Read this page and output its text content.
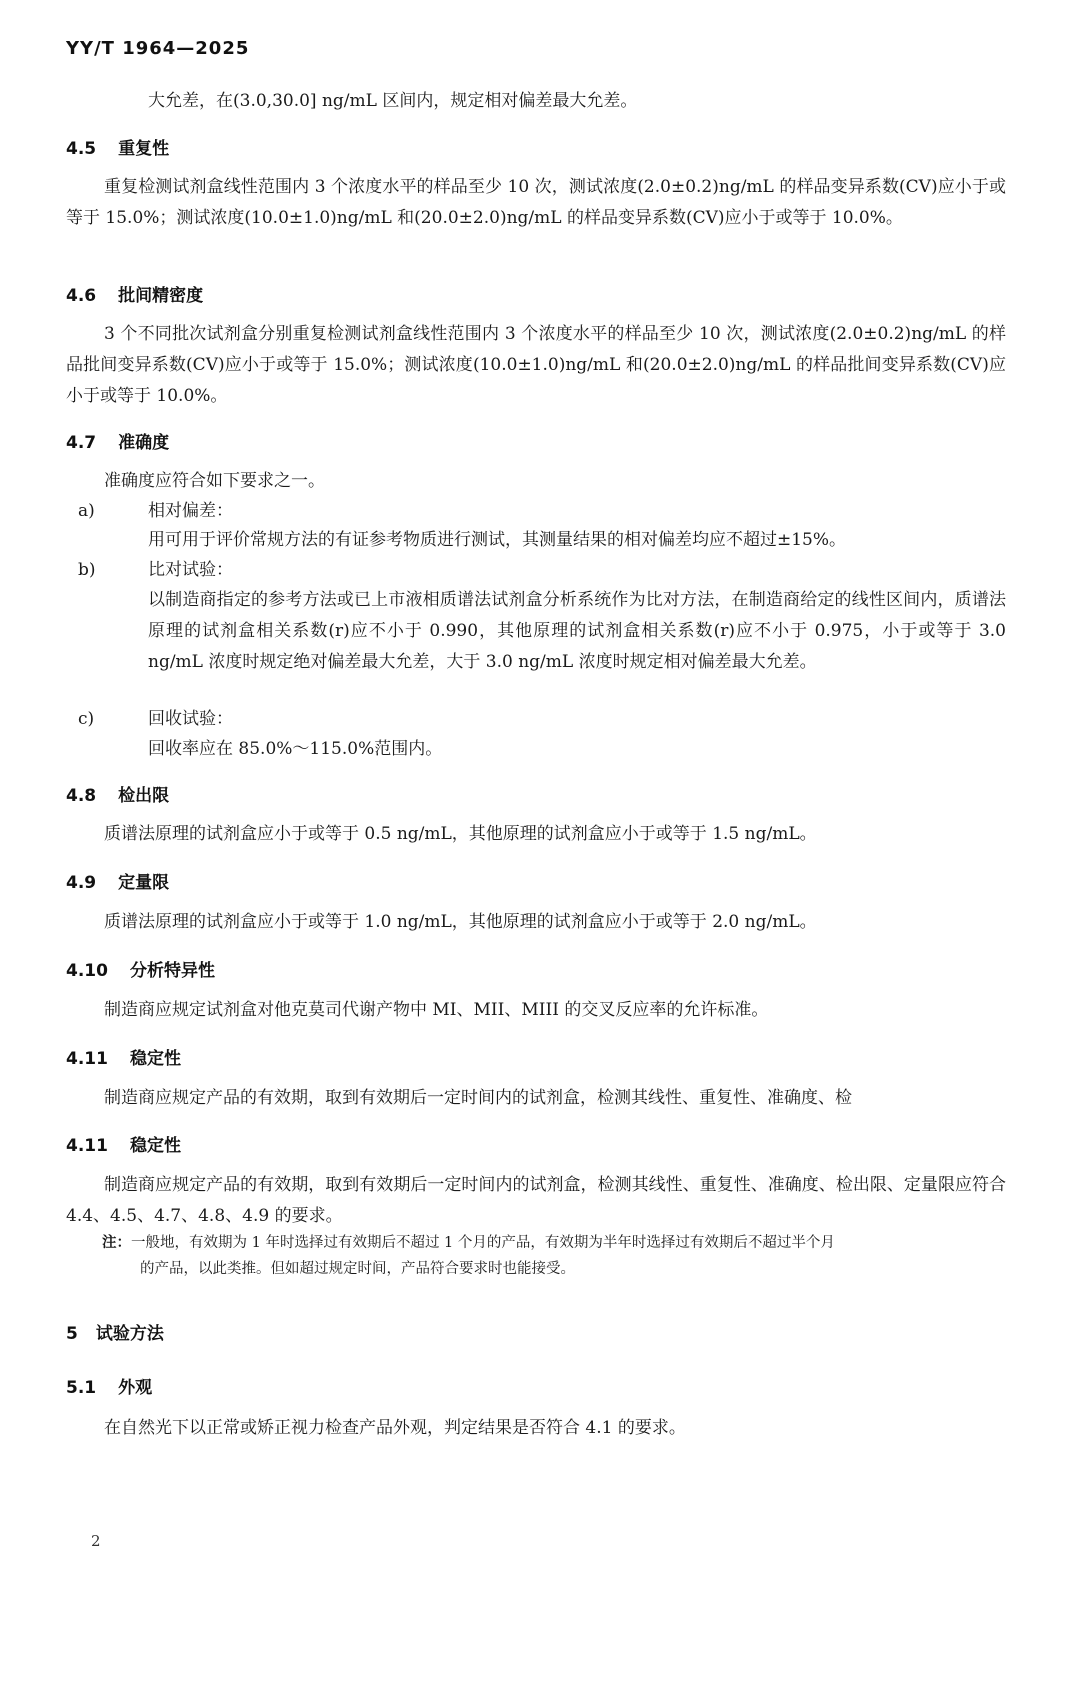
YY/T 1964—2025
大允差，在(3.0,30.0] ng/mL 区间内，规定相对偏差最大允差。
4.5 重复性
重复检测试剂盒线性范围内 3 个浓度水平的样品至少 10 次，测试浓度(2.0±0.2)ng/mL 的样品变异系数(CV)应小于或等于 15.0%；测试浓度(10.0±1.0)ng/mL 和(20.0±2.0)ng/mL 的样品变异系数(CV)应小于或等于 10.0%。
4.6 批间精密度
3 个不同批次试剂盒分别重复检测试剂盒线性范围内 3 个浓度水平的样品至少 10 次，测试浓度(2.0±0.2)ng/mL 的样品批间变异系数(CV)应小于或等于 15.0%；测试浓度(10.0±1.0)ng/mL 和(20.0±2.0)ng/mL 的样品批间变异系数(CV)应小于或等于 10.0%。
4.7 准确度
准确度应符合如下要求之一。
a)	相对偏差：
用可用于评价常规方法的有证参考物质进行测试，其测量结果的相对偏差均应不超过±15%。
b)	比对试验：
以制造商指定的参考方法或已上市液相质谱法试剂盒分析系统作为比对方法，在制造商给定的线性区间内，质谱法原理的试剂盒相关系数(r)应不小于 0.990，其他原理的试剂盒相关系数(r)应不小于 0.975，小于或等于 3.0 ng/mL 浓度时规定绝对偏差最大允差，大于 3.0 ng/mL 浓度时规定相对偏差最大允差。
c)	回收试验：
回收率应在 85.0%～115.0%范围内。
4.8 检出限
质谱法原理的试剂盒应小于或等于 0.5 ng/mL，其他原理的试剂盒应小于或等于 1.5 ng/mL。
4.9 定量限
质谱法原理的试剂盒应小于或等于 1.0 ng/mL，其他原理的试剂盒应小于或等于 2.0 ng/mL。
4.10 分析特异性
制造商应规定试剂盒对他克莫司代谢产物中 MI、MII、MIII 的交叉反应率的允许标准。
4.11 稳定性
制造商应规定产品的有效期，取到有效期后一定时间内的试剂盒，检测其线性、重复性、准确度、检
4.11 稳定性
制造商应规定产品的有效期，取到有效期后一定时间内的试剂盒，检测其线性、重复性、准确度、检出限、定量限应符合 4.4、4.5、4.7、4.8、4.9 的要求。
注：一般地，有效期为 1 年时选择过有效期后不超过 1 个月的产品，有效期为半年时选择过有效期后不超过半个月
的产品，以此类推。但如超过规定时间，产品符合要求时也能接受。
5 试验方法
5.1 外观
在自然光下以正常或矫正视力检查产品外观，判定结果是否符合 4.1 的要求。
2
